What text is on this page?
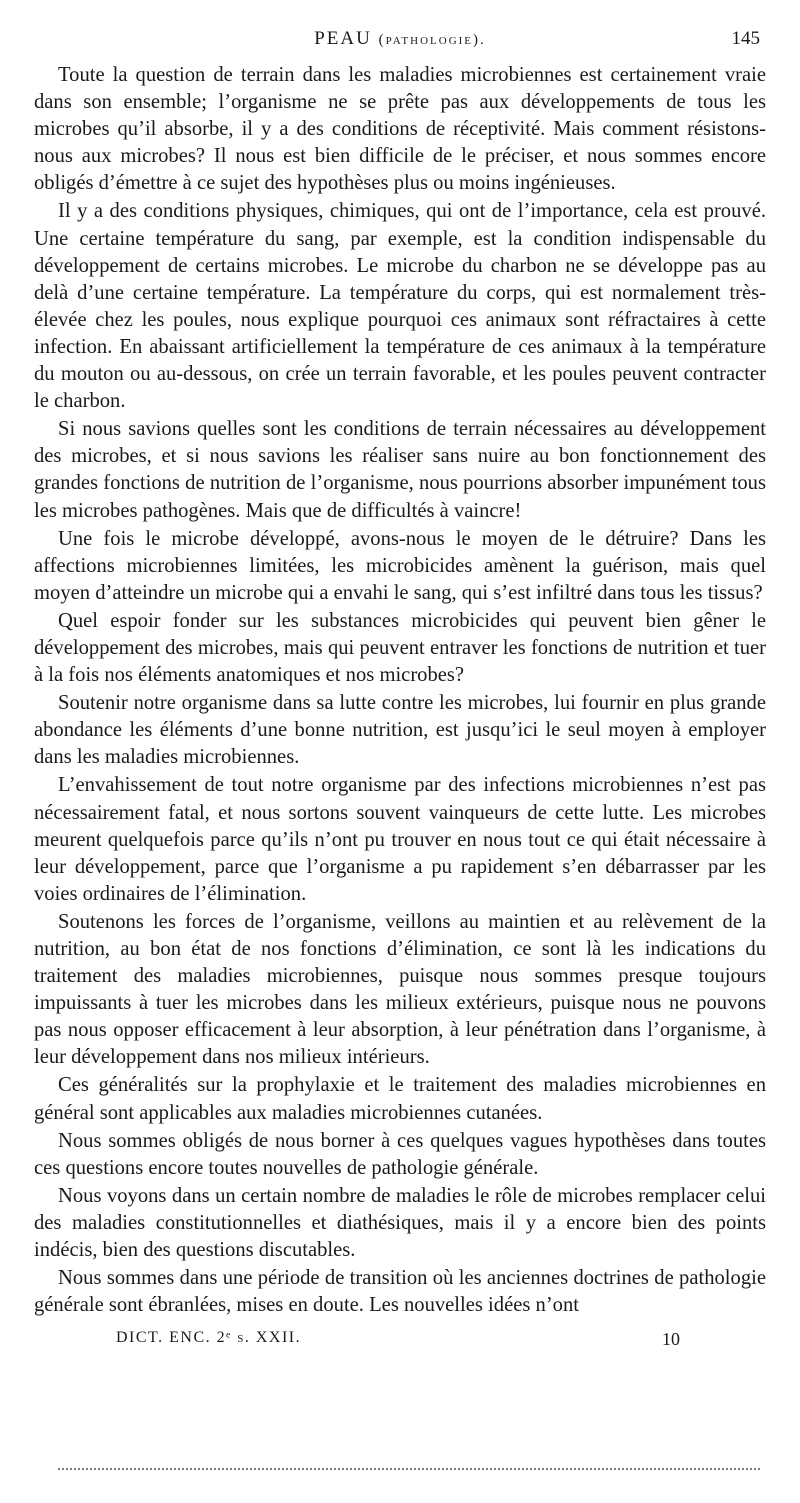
PEAU (pathologie).	145

Toute la question de terrain dans les maladies microbiennes est certainement vraie dans son ensemble; l’organisme ne se prête pas aux développements de tous les microbes qu’il absorbe, il y a des conditions de réceptivité. Mais comment résistons-nous aux microbes? Il nous est bien difficile de le préciser, et nous sommes encore obligés d’émettre à ce sujet des hypothèses plus ou moins ingénieuses.

Il y a des conditions physiques, chimiques, qui ont de l’importance, cela est prouvé. Une certaine température du sang, par exemple, est la condition indispensable du développement de certains microbes. Le microbe du charbon ne se développe pas au delà d’une certaine température. La température du corps, qui est normalement très-élevée chez les poules, nous explique pourquoi ces animaux sont réfractaires à cette infection. En abaissant artificiellement la température de ces animaux à la température du mouton ou au-dessous, on crée un terrain favorable, et les poules peuvent contracter le charbon.

Si nous savions quelles sont les conditions de terrain nécessaires au développement des microbes, et si nous savions les réaliser sans nuire au bon fonctionnement des grandes fonctions de nutrition de l’organisme, nous pourrions absorber impunément tous les microbes pathogènes. Mais que de difficultés à vaincre!

Une fois le microbe développé, avons-nous le moyen de le détruire? Dans les affections microbiennes limitées, les microbicides amènent la guérison, mais quel moyen d’atteindre un microbe qui a envahi le sang, qui s’est infiltré dans tous les tissus?

Quel espoir fonder sur les substances microbicides qui peuvent bien gêner le développement des microbes, mais qui peuvent entraver les fonctions de nutrition et tuer à la fois nos éléments anatomiques et nos microbes?

Soutenir notre organisme dans sa lutte contre les microbes, lui fournir en plus grande abondance les éléments d’une bonne nutrition, est jusqu’ici le seul moyen à employer dans les maladies microbiennes.

L’envahissement de tout notre organisme par des infections microbiennes n’est pas nécessairement fatal, et nous sortons souvent vainqueurs de cette lutte. Les microbes meurent quelquefois parce qu’ils n’ont pu trouver en nous tout ce qui était nécessaire à leur développement, parce que l’organisme a pu rapidement s’en débarrasser par les voies ordinaires de l’élimination.

Soutenons les forces de l’organisme, veillons au maintien et au relèvement de la nutrition, au bon état de nos fonctions d’élimination, ce sont là les indications du traitement des maladies microbiennes, puisque nous sommes presque toujours impuissants à tuer les microbes dans les milieux extérieurs, puisque nous ne pouvons pas nous opposer efficacement à leur absorption, à leur pénétration dans l’organisme, à leur développement dans nos milieux intérieurs.

Ces généralités sur la prophylaxie et le traitement des maladies microbiennes en général sont applicables aux maladies microbiennes cutanées.

Nous sommes obligés de nous borner à ces quelques vagues hypothèses dans toutes ces questions encore toutes nouvelles de pathologie générale.

Nous voyons dans un certain nombre de maladies le rôle de microbes remplacer celui des maladies constitutionnelles et diathésiques, mais il y a encore bien des points indécis, bien des questions discutables.

Nous sommes dans une période de transition où les anciennes doctrines de pathologie générale sont ébranlées, mises en doute. Les nouvelles idées n’ont

DICT. ENC. 2ᵉ s. XXII.	10
